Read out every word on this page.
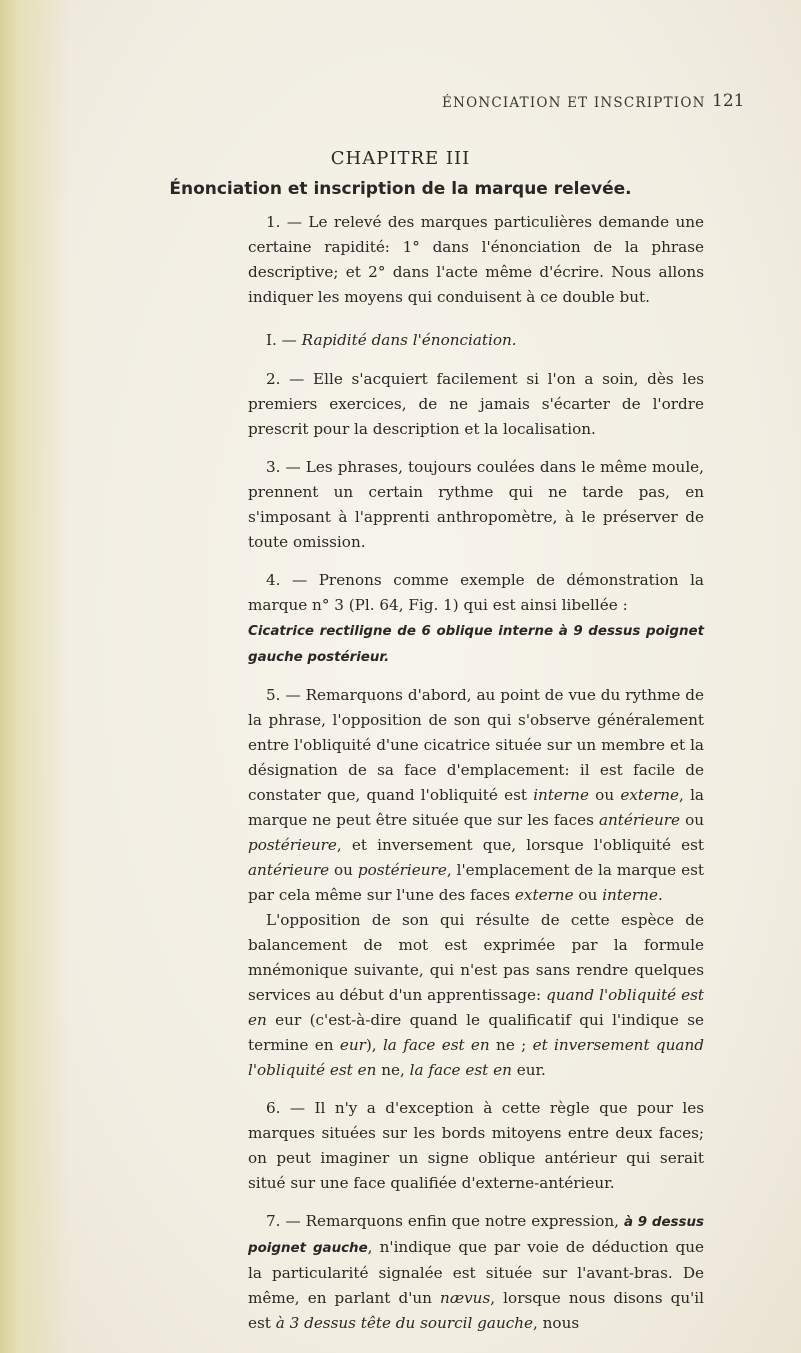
ÉNONCIATION ET INSCRIPTION 121
CHAPITRE III
Énonciation et inscription de la marque relevée.

1. — Le relevé des marques particulières demande une certaine rapidité: 1° dans l'énonciation de la phrase descriptive; et 2° dans l'acte même d'écrire. Nous allons indiquer les moyens qui conduisent à ce double but.

I. — Rapidité dans l'énonciation.

2. — Elle s'acquiert facilement si l'on a soin, dès les premiers exercices, de ne jamais s'écarter de l'ordre prescrit pour la description et la localisation.

3. — Les phrases, toujours coulées dans le même moule, prennent un certain rythme qui ne tarde pas, en s'imposant à l'apprenti anthropomètre, à le préserver de toute omission.

4. — Prenons comme exemple de démonstration la marque n° 3 (Pl. 64, Fig. 1) qui est ainsi libellée :

Cicatrice rectiligne de 6 oblique interne à 9 dessus poignet gauche postérieur.

5. — Remarquons d'abord, au point de vue du rythme de la phrase, l'opposition de son qui s'observe généralement entre l'obliquité d'une cicatrice située sur un membre et la désignation de sa face d'emplacement: il est facile de constater que, quand l'obliquité est interne ou externe, la marque ne peut être située que sur les faces antérieure ou postérieure, et inversement que, lorsque l'obliquité est antérieure ou postérieure, l'emplacement de la marque est par cela même sur l'une des faces externe ou interne.

L'opposition de son qui résulte de cette espèce de balancement de mot est exprimée par la formule mnémonique suivante, qui n'est pas sans rendre quelques services au début d'un apprentissage: quand l'obliquité est en eur (c'est-à-dire quand le qualificatif qui l'indique se termine en eur), la face est en ne ; et inversement quand l'obliquité est en ne, la face est en eur.

6. — Il n'y a d'exception à cette règle que pour les marques situées sur les bords mitoyens entre deux faces; on peut imaginer un signe oblique antérieur qui serait situé sur une face qualifiée d'externe-antérieur.

7. — Remarquons enfin que notre expression, à 9 dessus poignet gauche, n'indique que par voie de déduction que la particularité signalée est située sur l'avant-bras. De même, en parlant d'un nævus, lorsque nous disons qu'il est à 3 dessus tête du sourcil gauche, nous
